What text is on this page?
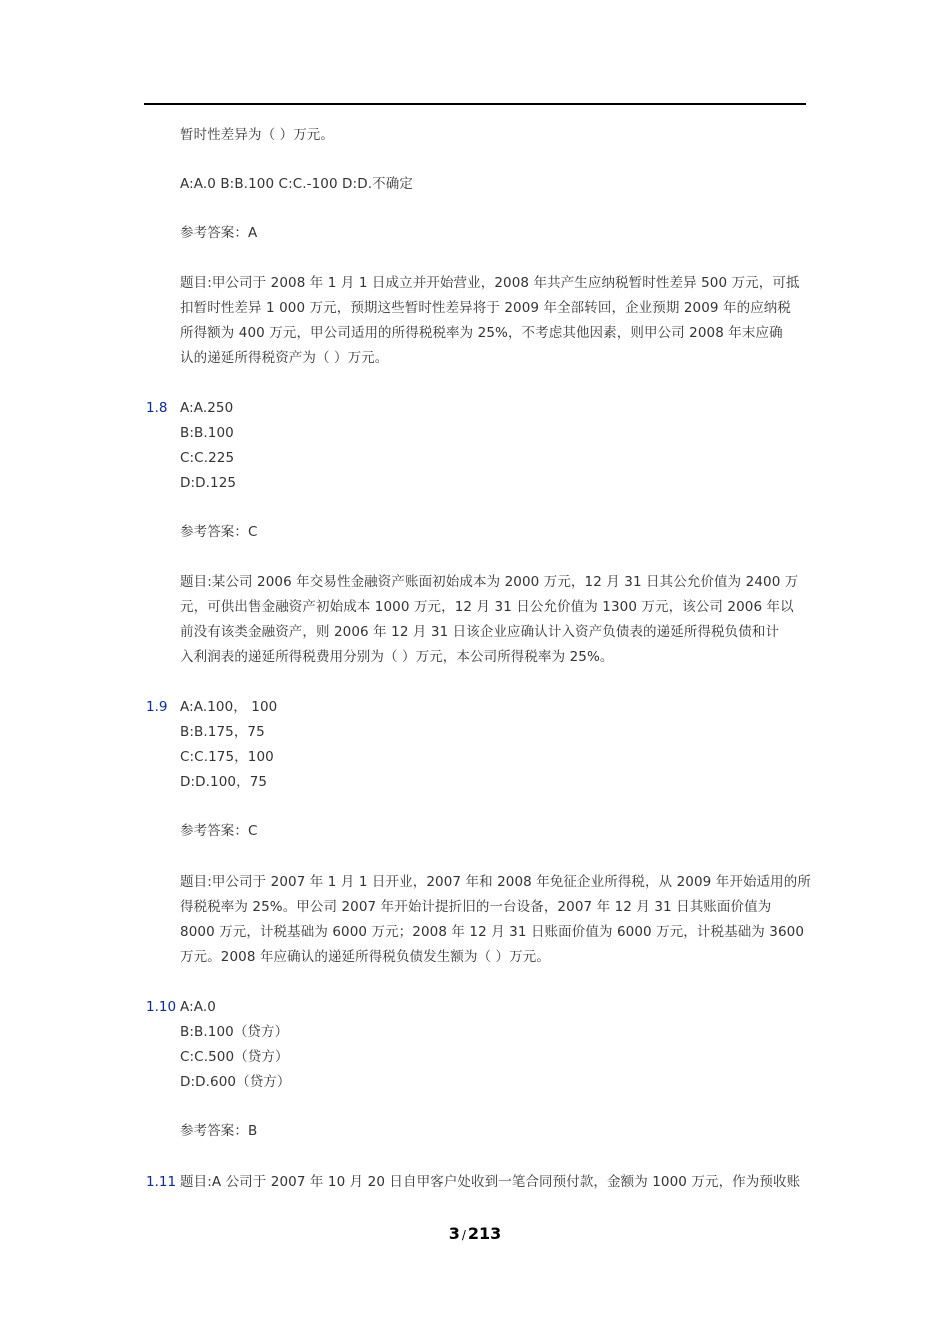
暂时性差异为（ ）万元。
A:A.0 B:B.100 C:C.-100 D:D.不确定
参考答案：A
题目:甲公司于 2008 年 1 月 1 日成立并开始营业，2008 年共产生应纳税暂时性差异 500 万元，可抵
扣暂时性差异 1 000 万元，预期这些暂时性差异将于 2009 年全部转回，企业预期 2009 年的应纳税
所得额为 400 万元，甲公司适用的所得税税率为 25%，不考虑其他因素，则甲公司 2008 年末应确
认的递延所得税资产为（ ）万元。
1.8 A:A.250
B:B.100
C:C.225
D:D.125
参考答案：C
题目:某公司 2006 年交易性金融资产账面初始成本为 2000 万元，12 月 31 日其公允价值为 2400 万
元，可供出售金融资产初始成本 1000 万元，12 月 31 日公允价值为 1300 万元，该公司 2006 年以
前没有该类金融资产，则 2006 年 12 月 31 日该企业应确认计入资产负债表的递延所得税负债和计
入利润表的递延所得税费用分别为（ ）万元，本公司所得税率为 25%。
1.9 A:A.100， 100
B:B.175，75
C:C.175，100
D:D.100，75
参考答案：C
题目:甲公司于 2007 年 1 月 1 日开业，2007 年和 2008 年免征企业所得税，从 2009 年开始适用的所
得税税率为 25%。甲公司 2007 年开始计提折旧的一台设备，2007 年 12 月 31 日其账面价值为
8000 万元，计税基础为 6000 万元；2008 年 12 月 31 日账面价值为 6000 万元，计税基础为 3600
万元。2008 年应确认的递延所得税负债发生额为（ ）万元。
1.10 A:A.0
B:B.100（贷方）
C:C.500（贷方）
D:D.600（贷方）
参考答案：B
1.11 题目:A 公司于 2007 年 10 月 20 日自甲客户处收到一笔合同预付款，金额为 1000 万元，作为预收账
3 / 213
